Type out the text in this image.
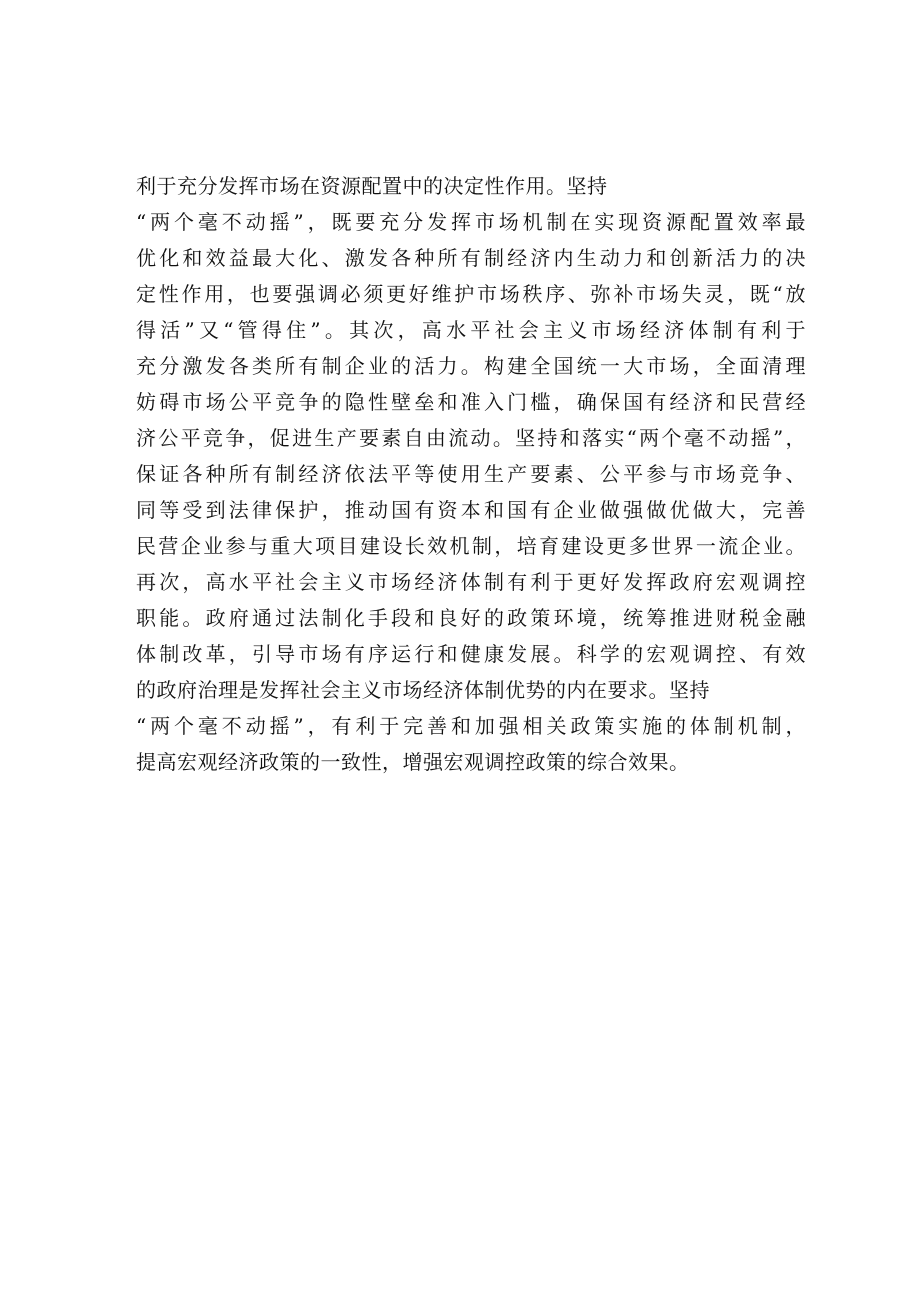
利于充分发挥市场在资源配置中的决定性作用。坚持
“两个毫不动摇”，既要充分发挥市场机制在实现资源配置效率最
优化和效益最大化、激发各种所有制经济内生动力和创新活力的决
定性作用，也要强调必须更好维护市场秩序、弥补市场失灵，既“放
得活”又“管得住”。其次，高水平社会主义市场经济体制有利于
充分激发各类所有制企业的活力。构建全国统一大市场，全面清理
妨碍市场公平竞争的隐性壁垒和准入门槛，确保国有经济和民营经
济公平竞争，促进生产要素自由流动。坚持和落实“两个毫不动摇”，
保证各种所有制经济依法平等使用生产要素、公平参与市场竞争、
同等受到法律保护，推动国有资本和国有企业做强做优做大，完善
民营企业参与重大项目建设长效机制，培育建设更多世界一流企业。
再次，高水平社会主义市场经济体制有利于更好发挥政府宏观调控
职能。政府通过法制化手段和良好的政策环境，统筹推进财税金融
体制改革，引导市场有序运行和健康发展。科学的宏观调控、有效
的政府治理是发挥社会主义市场经济体制优势的内在要求。坚持
“两个毫不动摇”，有利于完善和加强相关政策实施的体制机制，
提高宏观经济政策的一致性，增强宏观调控政策的综合效果。
